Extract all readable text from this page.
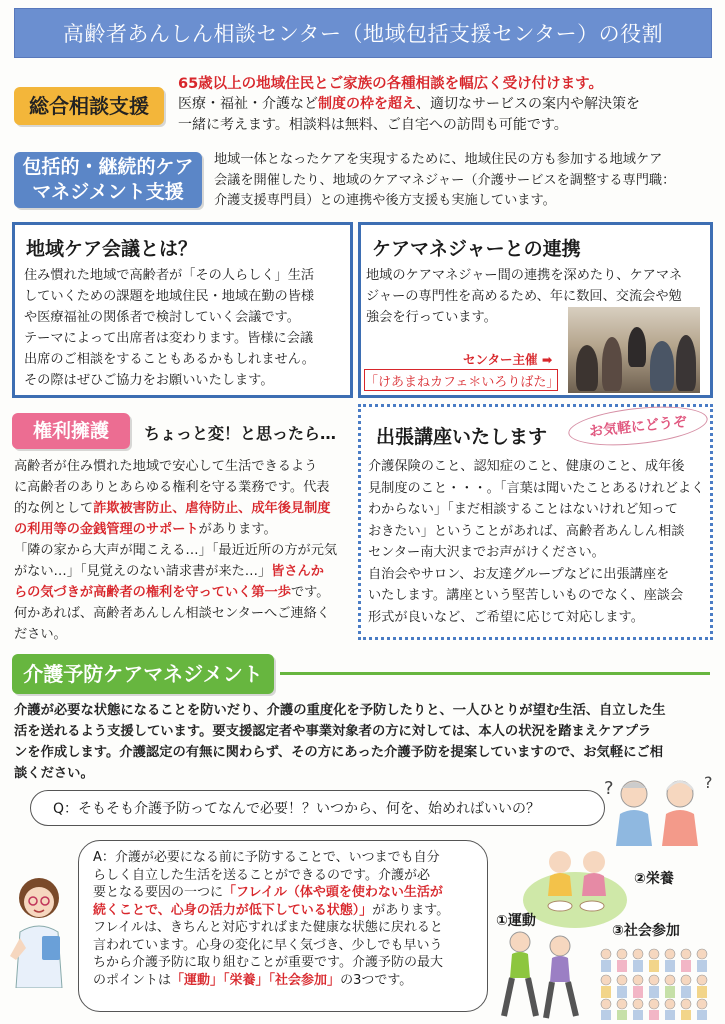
高齢者あんしん相談センター（地域包括支援センター）の役割
総合相談支援
65歳以上の地域住民とご家族の各種相談を幅広く受け付けます。
医療・福祉・介護など制度の枠を超え、適切なサービスの案内や解決策を
一緒に考えます。相談料は無料、ご自宅への訪問も可能です。
包括的・継続的ケア
マネジメント支援
地域一体となったケアを実現するために、地域住民の方も参加する地域ケア
会議を開催したり、地域のケアマネジャー（介護サービスを調整する専門職：
介護支援専門員）との連携や後方支援も実施しています。
地域ケア会議とは？
住み慣れた地域で高齢者が「その人らしく」生活
していくための課題を地域住民・地域在勤の皆様
や医療福祉の関係者で検討していく会議です。
テーマによって出席者は変わります。皆様に会議
出席のご相談をすることもあるかもしれません。
その際はぜひご協力をお願いいたします。
ケアマネジャーとの連携
地域のケアマネジャー間の連携を深めたり、ケアマネ
ジャーの専門性を高めるため、年に数回、交流会や勉
強会を行っています。
センター主催 ➡
「けあまねカフェ＊いろりばた」
権利擁護	ちょっと変！と思ったら…
高齢者が住み慣れた地域で安心して生活できるよう
に高齢者のありとあらゆる権利を守る業務です。代表
的な例として詐欺被害防止、虐待防止、成年後見制度
の利用等の金銭管理のサポートがあります。
「隣の家から大声が聞こえる…」「最近近所の方が元気
がない…」「見覚えのない請求書が来た…」皆さんか
らの気づきが高齢者の権利を守っていく第一歩です。
何かあれば、高齢者あんしん相談センターへご連絡く
ださい。
出張講座いたします	お気軽にどうぞ
介護保険のこと、認知症のこと、健康のこと、成年後
見制度のこと・・・。「言葉は聞いたことあるけれどよく
わからない」「まだ相談することはないけれど知って
おきたい」ということがあれば、高齢者あんしん相談
センター南大沢までお声がけください。
自治会やサロン、お友達グループなどに出張講座を
いたします。講座という堅苦しいものでなく、座談会
形式が良いなど、ご希望に応じて対応します。
介護予防ケアマネジメント
介護が必要な状態になることを防いだり、介護の重度化を予防したりと、一人ひとりが望む生活、自立した生
活を送れるよう支援しています。要支援認定者や事業対象者の方に対しては、本人の状況を踏まえケアプラ
ンを作成します。介護認定の有無に関わらず、その方にあった介護予防を提案していますので、お気軽にご相
談ください。
Q：そもそも介護予防ってなんで必要！？いつから、何を、始めればいいの？
A：介護が必要になる前に予防することで、いつまでも自分
らしく自立した生活を送ることができるのです。介護が必
要となる要因の一つに「フレイル（体や頭を使わない生活が
続くことで、心身の活力が低下している状態）」があります。
フレイルは、きちんと対応すればまた健康な状態に戻れると
言われています。心身の変化に早く気づき、少しでも早いう
ちから介護予防に取り組むことが重要です。介護予防の最大
のポイントは「運動」「栄養」「社会参加」の3つです。
?	?
②栄養
①運動
③社会参加
